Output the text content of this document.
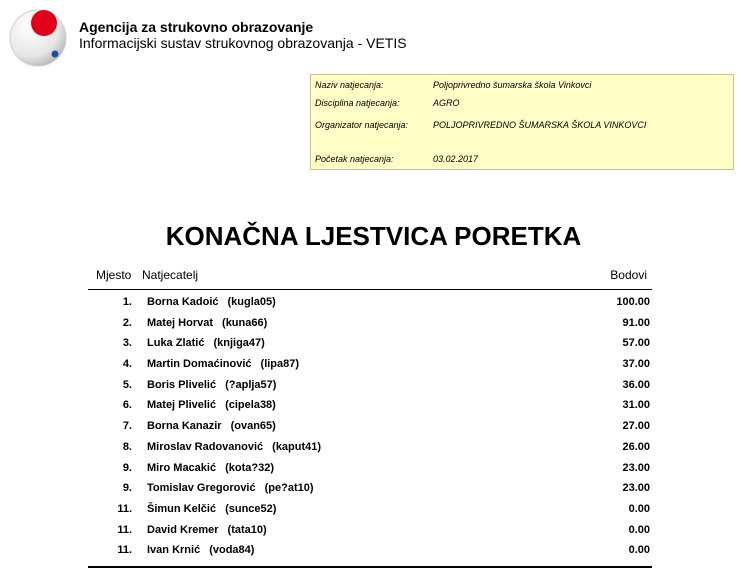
Agencija za strukovno obrazovanje
Informacijski sustav strukovnog obrazovanja - VETIS
Naziv natjecanja:	Poljoprivredno šumarska škola Vinkovci
Disciplina natjecanja:	AGRO
Organizator natjecanja:	POLJOPRIVREDNO ŠUMARSKA ŠKOLA VINKOVCI
Početak natjecanja:	03.02.2017
KONAČNA LJESTVICA PORETKA
Mjesto Natjecatelj	Bodovi
1. Borna Kadoić (kugla05)	100.00
2. Matej Horvat (kuna66)	91.00
3. Luka Zlatić (knjiga47)	57.00
4. Martin Domaćinović (lipa87)	37.00
5. Boris Plivelić (?aplja57)	36.00
6. Matej Plivelić (cipela38)	31.00
7. Borna Kanazir (ovan65)	27.00
8. Miroslav Radovanović (kaput41)	26.00
9. Miro Macakić (kota?32)	23.00
9. Tomislav Gregorović (pe?at10)	23.00
11. Šimun Kelčić (sunce52)	0.00
11. David Kremer (tata10)	0.00
11. Ivan Krnić (voda84)	0.00
